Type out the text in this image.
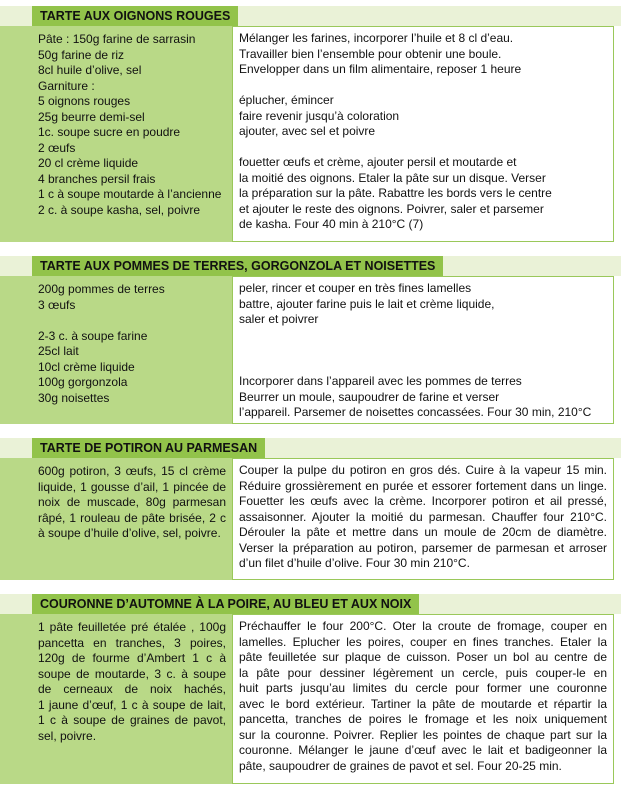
TARTE AUX OIGNONS ROUGES

Pâte : 150g farine de sarrasin

50g farine de riz

8cl huile d’olive, sel

Garniture :

5 oignons rouges

25g beurre demi-sel

1c. soupe sucre en poudre

2 œufs

20 cl crème liquide

4 branches persil frais

1 c à soupe moutarde à l’ancienne

2 c. à soupe kasha, sel, poivre

Mélanger les farines, incorporer l’huile et 8 cl d’eau.

Travailler bien l’ensemble pour obtenir une boule.

Envelopper dans un film alimentaire, reposer 1 heure

éplucher, émincer

faire revenir jusqu’à coloration

ajouter, avec sel et poivre

fouetter œufs et crème, ajouter persil et moutarde et

la moitié des oignons. Etaler la pâte sur un disque. Verser

la préparation sur la pâte. Rabattre les bords vers le centre

et ajouter le reste des oignons. Poivrer, saler et parsemer

de kasha. Four 40 min à 210°C (7)

TARTE AUX POMMES DE TERRES, GORGONZOLA ET NOISETTES

200g pommes de terres

3 œufs

2-3 c. à soupe farine

25cl lait

10cl crème liquide

100g gorgonzola

30g noisettes

peler, rincer et couper en très fines lamelles

battre, ajouter farine puis le lait et crème liquide,

saler et poivrer

Incorporer dans l’appareil avec les pommes de terres

Beurrer un moule, saupoudrer de farine et verser

l’appareil. Parsemer de noisettes concassées. Four 30 min, 210°C

TARTE DE POTIRON AU PARMESAN

600g potiron, 3 œufs, 15 cl crème

liquide, 1 gousse d’ail, 1 pincée de

noix de muscade, 80g parmesan

râpé, 1 rouleau de pâte brisée, 2 c

à soupe d’huile d’olive, sel, poivre.

Couper la pulpe du potiron en gros dés. Cuire à la vapeur 15 min.

Réduire grossièrement en purée et essorer fortement dans un linge.

Fouetter les œufs avec la crème. Incorporer potiron et ail pressé,

assaisonner. Ajouter la moitié du parmesan. Chauffer four 210°C.

Dérouler la pâte et mettre dans un moule de 20cm de diamètre.

Verser la préparation au potiron, parsemer de parmesan et arroser

d’un filet d’huile d’olive. Four 30 min 210°C.

COURONNE D’AUTOMNE À LA POIRE, AU BLEU ET AUX NOIX

1 pâte feuilletée pré étalée , 100g

pancetta en tranches, 3 poires,

120g de fourme d’Ambert 1 c à

soupe de moutarde, 3 c. à soupe

de cerneaux de noix hachés,

1 jaune d’œuf, 1 c à soupe de lait,

1 c à soupe de graines de pavot,

sel, poivre.

Préchauffer le four 200°C. Oter la croute de fromage, couper en

lamelles. Eplucher les poires, couper en fines tranches. Etaler la

pâte feuilletée sur plaque de cuisson. Poser un bol au centre de

la pâte pour dessiner légèrement un cercle, puis couper-le en

huit parts jusqu’au limites du cercle pour former une couronne

avec le bord extérieur. Tartiner la pâte de moutarde et répartir la

pancetta, tranches de poires le fromage et les noix uniquement

sur la couronne. Poivrer. Replier les pointes de chaque part sur la

couronne. Mélanger le jaune d’œuf avec le lait et badigeonner la

pâte, saupoudrer de graines de pavot et sel. Four 20-25 min.
